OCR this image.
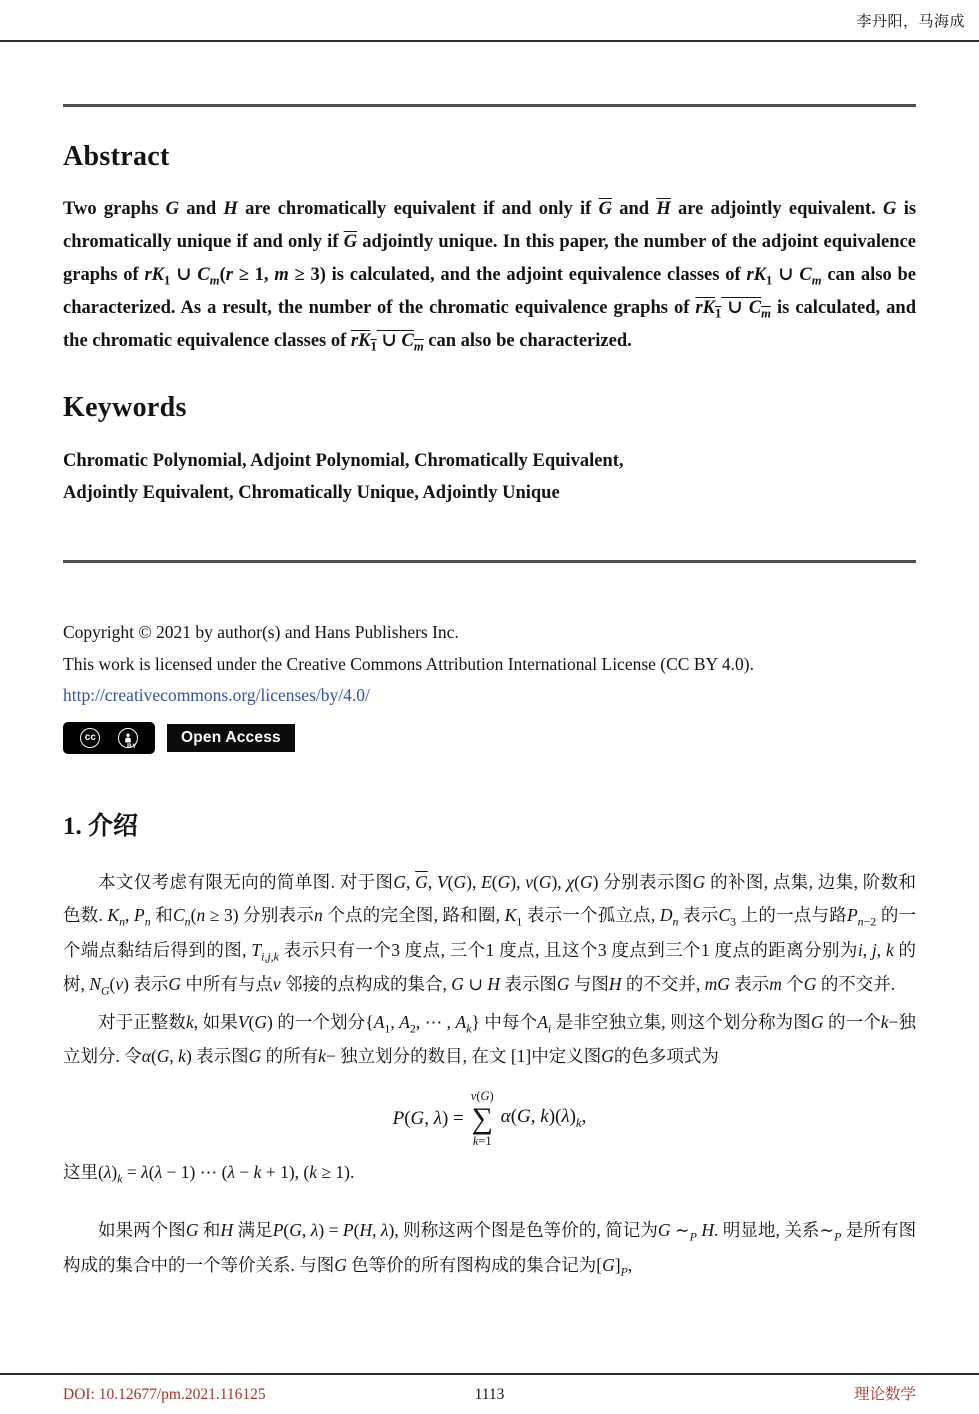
李丹阳，马海成
Abstract

Two graphs G and H are chromatically equivalent if and only if $\overline{G}$ and $\overline{H}$ are adjointly equivalent. G is chromatically unique if and only if $\overline{G}$ adjointly unique. In this paper, the number of the adjoint equivalence graphs of $rK_1$ ∪ $C_m(r \ge 1$, m ≥ 3) is calculated, and the adjoint equivalence classes of $rK_1$ ∪ $C_m$ can also be characterized. As a result, the number of the chromatic equivalence graphs of $rK_1$ ∪ $C_m$ is calculated, and the chromatic equivalence classes of $rK_1$ ∪ $C_m$ can also be characterized.

Keywords

Chromatic Polynomial, Adjoint Polynomial, Chromatically Equivalent,
Adjointly Equivalent, Chromatically Unique, Adjointly Unique

Copyright © 2021 by author(s) and Hans Publishers Inc.
This work is licensed under the Creative Commons Attribution International License (CC BY 4.0).
http://creativecommons.org/licenses/by/4.0/
cc
BY
Open Access
1. 介绍

本文仅考虑有限无向的简单图. 对于图G, $\overline{G}$, V(G), E(G), v(G), χ(G) 分别表示图G 的补图, 点集, 边集, 阶数和色数. $K_n$, $P_n$ 和$C_n(n \ge 3)$ 分别表示n 个点的完全图, 路和圈, $K_1$ 表示一个孤立点, $D_n$ 表示$C_3$ 上的一点与路$P_{n-2}$ 的一个端点黏结后得到的图, $T_{i,j,k}$ 表示只有一个3 度点, 三个1 度点, 且这个3 度点到三个1 度点的距离分别为i, j, k 的树, $N_G(v)$ 表示G 中所有与点v 邻接的点构成的集合, G ∪ H 表示图G 与图H 的不交并, mG 表示m 个G 的不交并.

对于正整数k, 如果V(G) 的一个划分{$A_1$, $A_2$, ⋯ , $A_k$} 中每个$A_i$ 是非空独立集, 则这个划分称为图G 的一个k−独立划分. 令α(G, k) 表示图G 的所有k− 独立划分的数目, 在文 [1]中定义图G的色多项式为

P(G, λ) =
v(G)
∑
k=1
α(G, $k)(\lambda)_k$,

这里$(\lambda)_k = \lambda(\lambda - 1)$ ⋯ (λ − k + 1), (k ≥ 1).

如果两个图G 和H 满足P(G, λ) = P(H, λ), 则称这两个图是色等价的, 简记为G $\sim_P$ H. 明显地, 关系$\sim_P$ 是所有图构成的集合中的一个等价关系. 与图G 色等价的所有图构成的集合记为$[G]_P$,

DOI: 10.12677/pm.2021.116125	1113	理论数学
